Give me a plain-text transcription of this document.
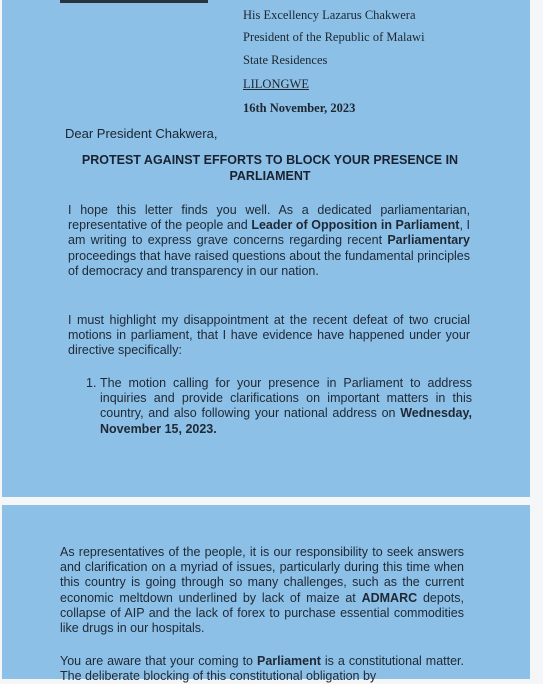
His Excellency Lazarus Chakwera
President of the Republic of Malawi
State Residences
LILONGWE
16th November, 2023
Dear President Chakwera,
PROTEST AGAINST EFFORTS TO BLOCK YOUR PRESENCE IN PARLIAMENT
I hope this letter finds you well. As a dedicated parliamentarian, representative of the people and Leader of Opposition in Parliament, I am writing to express grave concerns regarding recent Parliamentary proceedings that have raised questions about the fundamental principles of democracy and transparency in our nation.
I must highlight my disappointment at the recent defeat of two crucial motions in parliament, that I have evidence have happened under your directive specifically:
1. The motion calling for your presence in Parliament to address inquiries and provide clarifications on important matters in this country, and also following your national address on Wednesday, November 15, 2023.
As representatives of the people, it is our responsibility to seek answers and clarification on a myriad of issues, particularly during this time when this country is going through so many challenges, such as the current economic meltdown underlined by lack of maize at ADMARC depots, collapse of AIP and the lack of forex to purchase essential commodities like drugs in our hospitals.
You are aware that your coming to Parliament is a constitutional matter. The deliberate blocking of this constitutional obligation by
